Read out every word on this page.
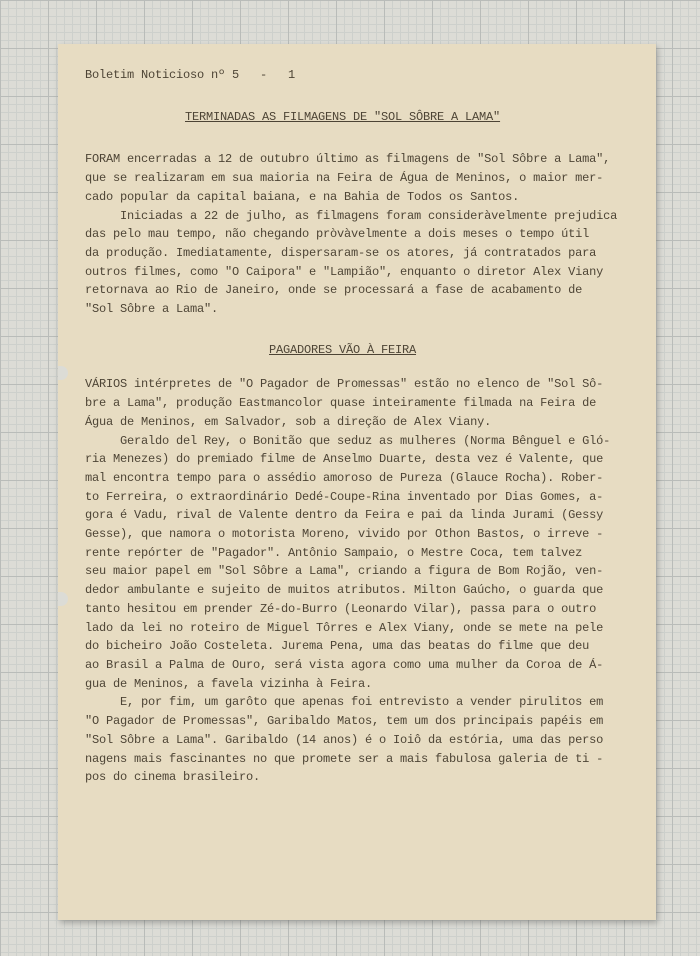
Boletim Noticioso nº 5   -   1
TERMINADAS AS FILMAGENS DE "SOL SÔBRE A LAMA"
FORAM encerradas a 12 de outubro último as filmagens de "Sol Sôbre a Lama",
que se realizaram em sua maioria na Feira de Água de Meninos, o maior mer-
cado popular da capital baiana, e na Bahia de Todos os Santos.
Iniciadas a 22 de julho, as filmagens foram consideràvelmente prejudica
das pelo mau tempo, não chegando pròvàvelmente a dois meses o tempo útil
da produção. Imediatamente, dispersaram-se os atores, já contratados para
outros filmes, como "O Caipora" e "Lampião", enquanto o diretor Alex Viany
retornava ao Rio de Janeiro, onde se processará a fase de acabamento de
"Sol Sôbre a Lama".
PAGADORES VÃO À FEIRA
VÁRIOS intérpretes de "O Pagador de Promessas" estão no elenco de "Sol Sô-
bre a Lama", produção Eastmancolor quase inteiramente filmada na Feira de
Água de Meninos, em Salvador, sob a direção de Alex Viany.
Geraldo del Rey, o Bonitão que seduz as mulheres (Norma Bênguel e Gló-
ria Menezes) do premiado filme de Anselmo Duarte, desta vez é Valente, que
mal encontra tempo para o assédio amoroso de Pureza (Glauce Rocha). Rober-
to Ferreira, o extraordinário Dedé-Coupe-Rina inventado por Dias Gomes, a-
gora é Vadu, rival de Valente dentro da Feira e pai da linda Jurami (Gessy
Gesse), que namora o motorista Moreno, vivido por Othon Bastos, o irreve -
rente repórter de "Pagador". Antônio Sampaio, o Mestre Coca, tem talvez
seu maior papel em "Sol Sôbre a Lama", criando a figura de Bom Rojão, ven-
dedor ambulante e sujeito de muitos atributos. Milton Gaúcho, o guarda que
tanto hesitou em prender Zé-do-Burro (Leonardo Vilar), passa para o outro
lado da lei no roteiro de Miguel Tôrres e Alex Viany, onde se mete na pele
do bicheiro João Costeleta. Jurema Pena, uma das beatas do filme que deu
ao Brasil a Palma de Ouro, será vista agora como uma mulher da Coroa de Á-
gua de Meninos, a favela vizinha à Feira.
E, por fim, um garôto que apenas foi entrevisto a vender pirulitos em
"O Pagador de Promessas", Garibaldo Matos, tem um dos principais papéis em
"Sol Sôbre a Lama". Garibaldo (14 anos) é o Ioiô da estória, uma das perso
nagens mais fascinantes no que promete ser a mais fabulosa galeria de ti -
pos do cinema brasileiro.
